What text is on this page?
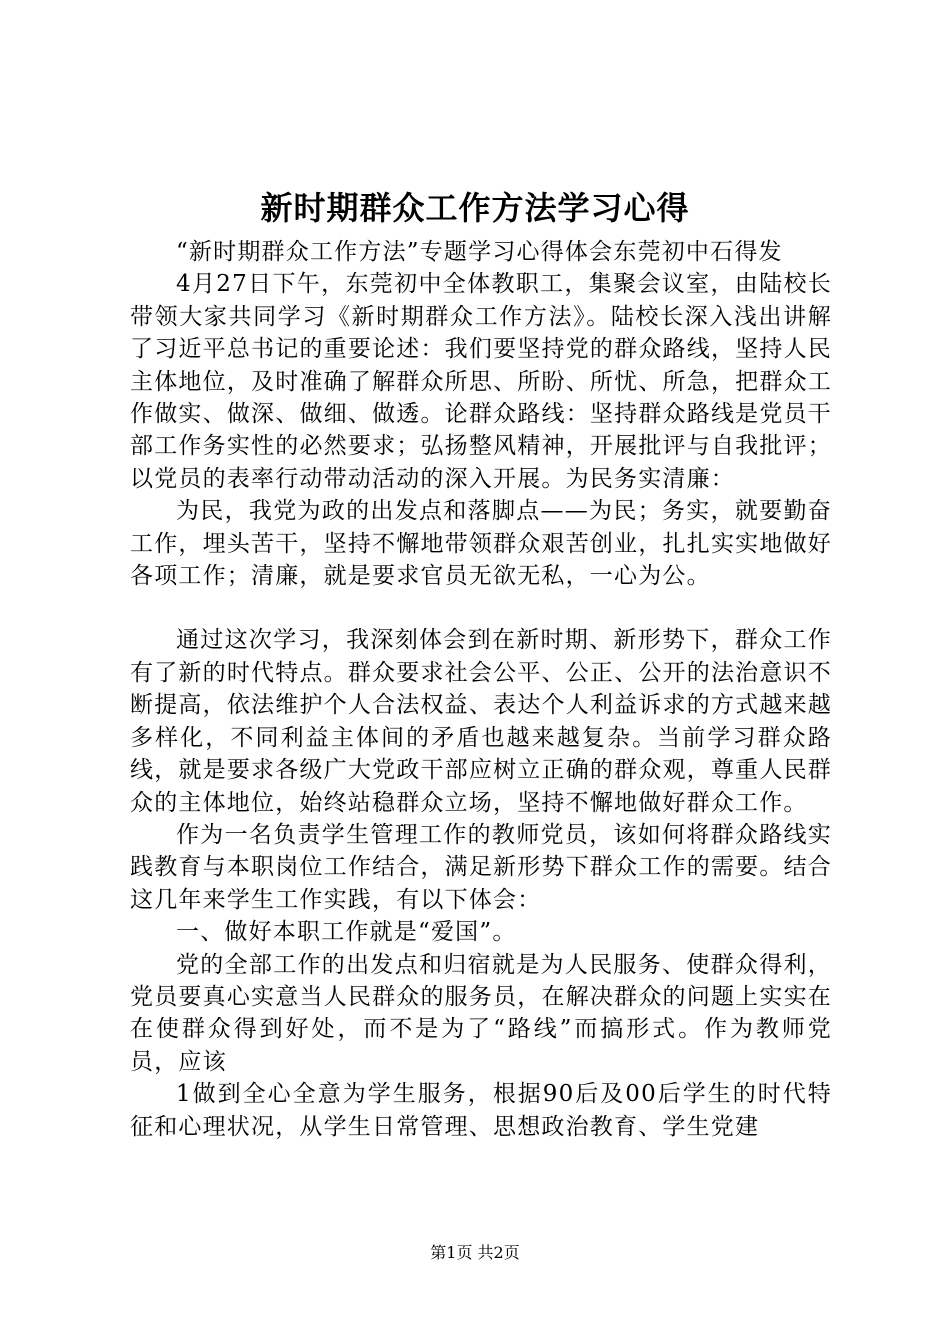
新时期群众工作方法学习心得

“新时期群众工作方法”专题学习心得体会东莞初中石得发

4月27日下午，东莞初中全体教职工，集聚会议室，由陆校长带领大家共同学习《新时期群众工作方法》。陆校长深入浅出讲解了习近平总书记的重要论述：我们要坚持党的群众路线，坚持人民主体地位，及时准确了解群众所思、所盼、所忧、所急，把群众工作做实、做深、做细、做透。论群众路线：坚持群众路线是党员干部工作务实性的必然要求；弘扬整风精神，开展批评与自我批评；以党员的表率行动带动活动的深入开展。为民务实清廉：

为民，我党为政的出发点和落脚点——为民；务实，就要勤奋工作，埋头苦干，坚持不懈地带领群众艰苦创业，扎扎实实地做好各项工作；清廉，就是要求官员无欲无私，一心为公。

通过这次学习，我深刻体会到在新时期、新形势下，群众工作有了新的时代特点。群众要求社会公平、公正、公开的法治意识不断提高，依法维护个人合法权益、表达个人利益诉求的方式越来越多样化，不同利益主体间的矛盾也越来越复杂。当前学习群众路线，就是要求各级广大党政干部应树立正确的群众观，尊重人民群众的主体地位，始终站稳群众立场，坚持不懈地做好群众工作。

作为一名负责学生管理工作的教师党员，该如何将群众路线实践教育与本职岗位工作结合，满足新形势下群众工作的需要。结合这几年来学生工作实践，有以下体会：

一、做好本职工作就是“爱国”。

党的全部工作的出发点和归宿就是为人民服务、使群众得利，党员要真心实意当人民群众的服务员，在解决群众的问题上实实在在使群众得到好处，而不是为了“路线”而搞形式。作为教师党员，应该

1做到全心全意为学生服务，根据90后及00后学生的时代特征和心理状况，从学生日常管理、思想政治教育、学生党建

第1页 共2页
